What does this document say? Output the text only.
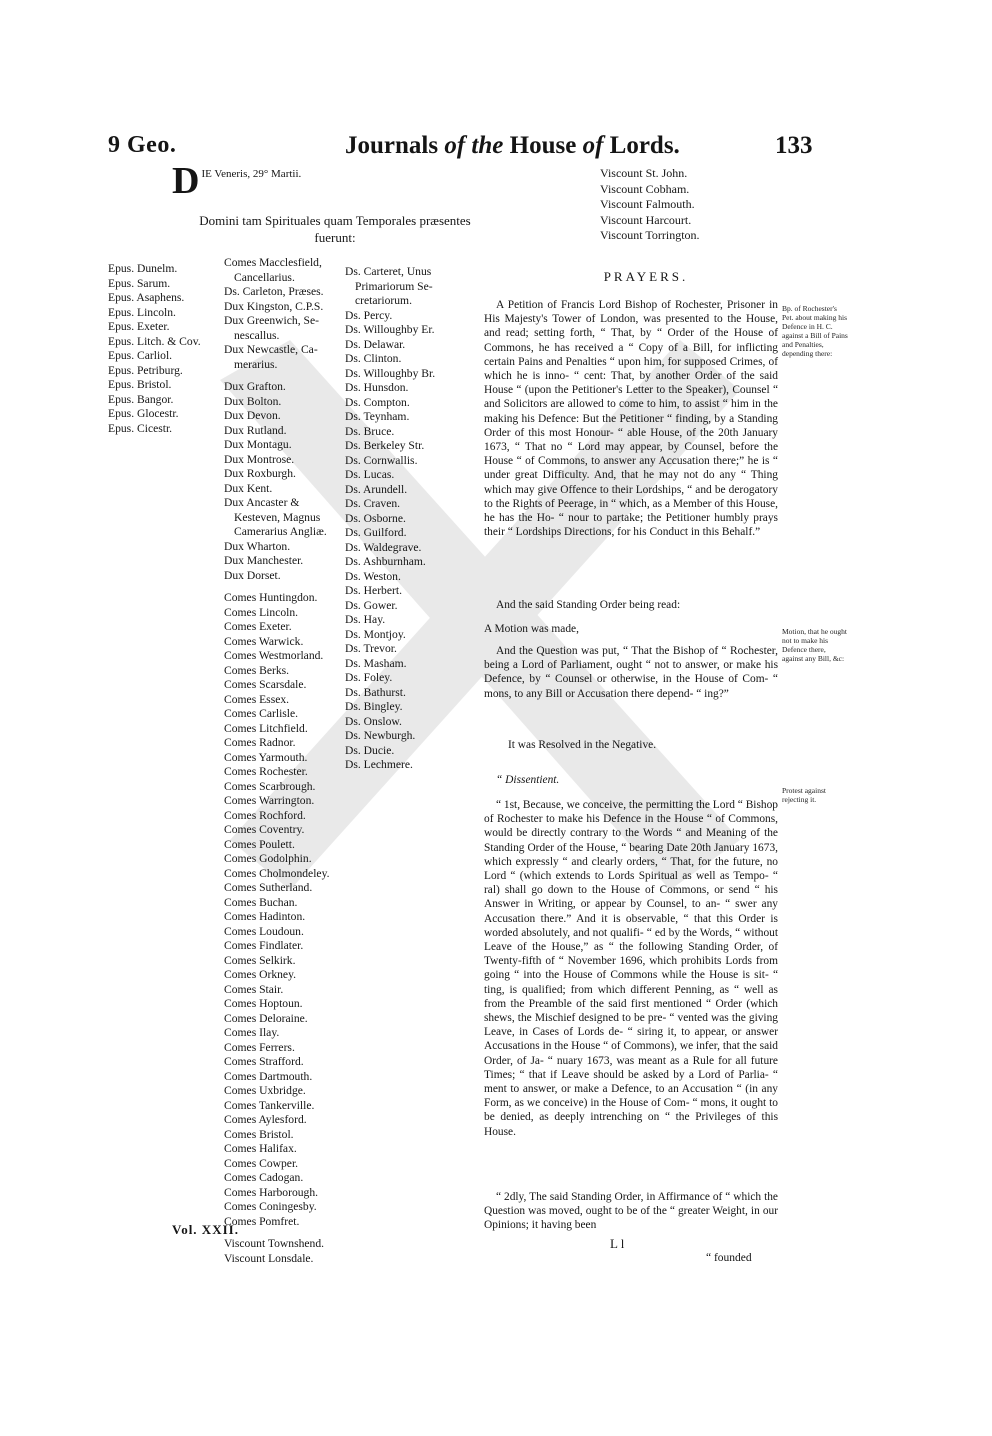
9 Geo.	Journals of the House of Lords.	133
D $^{IE Veneris, 29^\circ Martii.}$
Domini tam Spirituales quam Temporales præsentes fuerunt:
Epus. Dunelm.
Epus. Sarum.
Epus. Asaphens.
Epus. Lincoln.
Epus. Exeter.
Epus. Litch. & Cov.
Epus. Carliol.
Epus. Petriburg.
Epus. Bristol.
Epus. Bangor.
Epus. Glocestr.
Epus. Cicestr.
Comes Macclesfield,
Cancellarius.
Ds. Carleton, Præses.
Dux Kingston, C.P.S.
Dux Greenwich, Se-
nescallus.
Dux Newcastle, Ca-
merarius.
Dux Grafton.
Dux Bolton.
Dux Devon.
Dux Rutland.
Dux Montagu.
Dux Montrose.
Dux Roxburgh.
Dux Kent.
Dux Ancaster &
Kesteven, Magnus
Camerarius Angliæ.
Dux Wharton.
Dux Manchester.
Dux Dorset.
Comes Huntingdon.
Comes Lincoln.
Comes Exeter.
Comes Warwick.
Comes Westmorland.
Comes Berks.
Comes Scarsdale.
Comes Essex.
Comes Carlisle.
Comes Litchfield.
Comes Radnor.
Comes Yarmouth.
Comes Rochester.
Comes Scarbrough.
Comes Warrington.
Comes Rochford.
Comes Coventry.
Comes Poulett.
Comes Godolphin.
Comes Cholmondeley.
Comes Sutherland.
Comes Buchan.
Comes Hadinton.
Comes Loudoun.
Comes Findlater.
Comes Selkirk.
Comes Orkney.
Comes Stair.
Comes Hoptoun.
Comes Deloraine.
Comes Ilay.
Comes Ferrers.
Comes Strafford.
Comes Dartmouth.
Comes Uxbridge.
Comes Tankerville.
Comes Aylesford.
Comes Bristol.
Comes Halifax.
Comes Cowper.
Comes Cadogan.
Comes Harborough.
Comes Coningesby.
Comes Pomfret.
Viscount Townshend.
Viscount Lonsdale.
Ds. Carteret, Unus
Primariorum Se-
cretariorum.
Ds. Percy.
Ds. Willoughby Er.
Ds. Delawar.
Ds. Clinton.
Ds. Willoughby Br.
Ds. Hunsdon.
Ds. Compton.
Ds. Teynham.
Ds. Bruce.
Ds. Berkeley Str.
Ds. Cornwallis.
Ds. Lucas.
Ds. Arundell.
Ds. Craven.
Ds. Osborne.
Ds. Guilford.
Ds. Waldegrave.
Ds. Ashburnham.
Ds. Weston.
Ds. Herbert.
Ds. Gower.
Ds. Hay.
Ds. Montjoy.
Ds. Trevor.
Ds. Masham.
Ds. Foley.
Ds. Bathurst.
Ds. Bingley.
Ds. Onslow.
Ds. Newburgh.
Ds. Ducie.
Ds. Lechmere.
Vol. XXII.
Viscount St. John.
Viscount Cobham.
Viscount Falmouth.
Viscount Harcourt.
Viscount Torrington.
PRAYERS.

A Petition of Francis Lord Bishop of Rochester, Prisoner in His Majesty's Tower of London, was presented to the House, and read; setting forth, “ That, by “ Order of the House of Commons, he has received a “ Copy of a Bill, for inflicting certain Pains and Penalties “ upon him, for supposed Crimes, of which he is inno- “ cent: That, by another Order of the said House “ (upon the Petitioner's Letter to the Speaker), Counsel “ and Solicitors are allowed to come to him, to assist “ him in the making his Defence: But the Petitioner “ finding, by a Standing Order of this most Honour- “ able House, of the 20th January 1673, “ That no “ Lord may appear, by Counsel, before the House “ of Commons, to answer any Accusation there;” he is “ under great Difficulty. And, that he may not do any “ Thing which may give Offence to their Lordships, “ and be derogatory to the Rights of Peerage, in “ which, as a Member of this House, he has the Ho- “ nour to partake; the Petitioner humbly prays their “ Lordships Directions, for his Conduct in this Behalf.”

And the said Standing Order being read:

A Motion was made,

And the Question was put, “ That the Bishop of “ Rochester, being a Lord of Parliament, ought “ not to answer, or make his Defence, by “ Counsel or otherwise, in the House of Com- “ mons, to any Bill or Accusation there depend- “ ing?”

It was Resolved in the Negative.

“ Dissentient.

“ 1st, Because, we conceive, the permitting the Lord “ Bishop of Rochester to make his Defence in the House “ of Commons, would be directly contrary to the Words “ and Meaning of the Standing Order of the House, “ bearing Date 20th January 1673, which expressly “ and clearly orders, “ That, for the future, no Lord “ (which extends to Lords Spiritual as well as Tempo- “ ral) shall go down to the House of Commons, or send “ his Answer in Writing, or appear by Counsel, to an- “ swer any Accusation there.” And it is observable, “ that this Order is worded absolutely, and not qualifi- “ ed by the Words, “ without Leave of the House,” as “ the following Standing Order, of Twenty-fifth of “ November 1696, which prohibits Lords from going “ into the House of Commons while the House is sit- “ ting, is qualified; from which different Penning, as “ well as from the Preamble of the said first mentioned “ Order (which shews, the Mischief designed to be pre- “ vented was the giving Leave, in Cases of Lords de- “ siring it, to appear, or answer Accusations in the House “ of Commons), we infer, that the said Order, of Ja- “ nuary 1673, was meant as a Rule for all future Times; “ that if Leave should be asked by a Lord of Parlia- “ ment to answer, or make a Defence, to an Accusation “ (in any Form, as we conceive) in the House of Com- “ mons, it ought to be denied, as deeply intrenching on “ the Privileges of this House.

“ 2dly, The said Standing Order, in Affirmance of “ which the Question was moved, ought to be of the “ greater Weight, in our Opinions; it having been

Bp. of Rochester's Pet. about making his Defence in H. C. against a Bill of Pains and Penalties, depending there:
Motion, that he ought not to make his Defence there, against any Bill, &c:
Protest against rejecting it.
L l
“ founded
